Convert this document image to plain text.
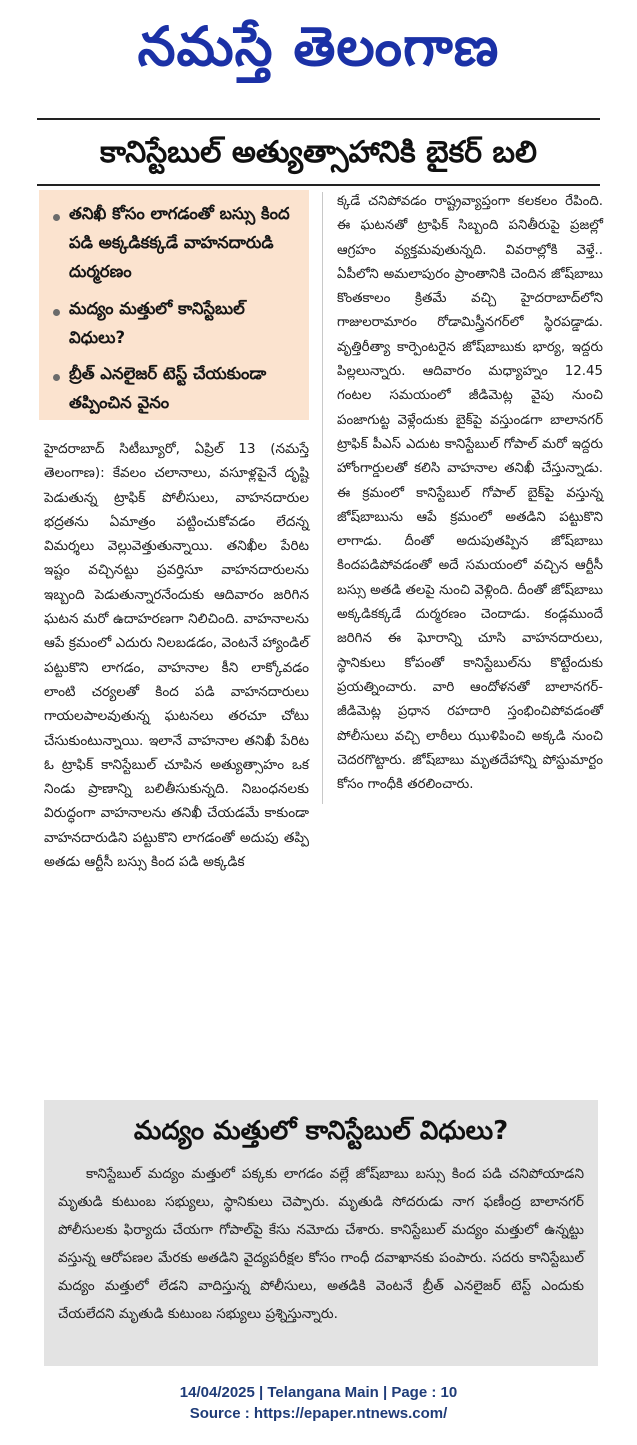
నమస్తే తెలంగాణ
కానిస్టేబుల్ అత్యుత్సాహానికి బైకర్ బలి
తనిఖీ కోసం లాగడంతో బస్సు కింద పడి అక్కడికక్కడే వాహనదారుడి దుర్మరణం
మద్యం మత్తులో కానిస్టేబుల్ విధులు?
బ్రీత్ ఎనలైజర్ టెస్ట్ చేయకుండా తప్పించిన వైనం

హైదరాబాద్ సిటీబ్యూరో, ఏప్రిల్ 13 (నమస్తే తెలంగాణ): కేవలం చలానాలు, వసూళ్లపైనే దృష్టి పెడుతున్న ట్రాఫిక్ పోలీసులు, వాహనదారుల భద్రతను ఏమాత్రం పట్టించుకోవడం లేదన్న విమర్శలు వెల్లువెత్తుతున్నాయి. తనిఖీల పేరిట ఇష్టం వచ్చినట్టు ప్రవర్తిసూ వాహనదారులను ఇబ్బంది పెడుతున్నారనేందుకు ఆదివారం జరిగిన ఘటన మరో ఉదాహరణగా నిలిచింది. వాహనాలను ఆపే క్రమంలో ఎదురు నిలబడడం, వెంటనే హ్యాండిల్ పట్టుకొని లాగడం, వాహనాల కీని లాక్కోవడం లాంటి చర్యలతో కింద పడి వాహనదారులు గాయలపాలవుతున్న ఘటనలు తరచూ చోటు చేసుకుంటున్నాయి. ఇలానే వాహనాల తనిఖీ పేరిట ఓ ట్రాఫిక్ కానిస్టేబుల్ చూపిన అత్యుత్సాహం ఒక నిండు ప్రాణాన్ని బలితీసుకున్నది. నిబంధనలకు విరుద్ధంగా వాహనాలను తనిఖీ చేయడమే కాకుండా వాహనదారుడిని పట్టుకొని లాగడంతో అదుపు తప్పి అతడు ఆర్టీసీ బస్సు కింద పడి అక్కడిక

క్కడే చనిపోవడం రాష్ట్రవ్యాప్తంగా కలకలం రేపింది. ఈ ఘటనతో ట్రాఫిక్ సిబ్బంది పనితీరుపై ప్రజల్లో ఆగ్రహం వ్యక్తమవుతున్నది. వివరాల్లోకి వెళ్తే.. ఏపీలోని అమలాపురం ప్రాంతానికి చెందిన జోష్‌బాబు కొంతకాలం క్రితమే వచ్చి హైదరాబాద్‌లోని గాజులరామారం రోడామిస్త్రీనగర్‌లో స్థిరపడ్డాడు. వృత్తిరీత్యా కార్పెంటరైన జోష్‌బాబుకు భార్య, ఇద్దరు పిల్లలున్నారు. ఆదివారం మధ్యాహ్నం 12.45 గంటల సమయంలో జీడిమెట్ల వైపు నుంచి పంజాగుట్ట వెళ్లేందుకు బైక్‌పై వస్తుండగా బాలానగర్ ట్రాఫిక్ పీఎస్ ఎదుట కానిస్టేబుల్ గోపాల్ మరో ఇద్దరు హోంగార్డులతో కలిసి వాహనాల తనిఖీ చేస్తున్నాడు. ఈ క్రమంలో కానిస్టేబుల్ గోపాల్ బైక్‌పై వస్తున్న జోష్‌బాబును ఆపే క్రమంలో అతడిని పట్టుకొని లాగాడు. దీంతో అదుపుతప్పిన జోష్‌బాబు కిందపడిపోవడంతో అదే సమయంలో వచ్చిన ఆర్టీసీ బస్సు అతడి తలపై నుంచి వెళ్లింది. దీంతో జోష్‌బాబు అక్కడికక్కడే దుర్మరణం చెందాడు. కండ్లముందే జరిగిన ఈ ఘోరాన్ని చూసి వాహనదారులు, స్థానికులు కోపంతో కానిస్టేబుల్‌ను కొట్టేందుకు ప్రయత్నించారు. వారి ఆందోళనతో బాలానగర్-జీడిమెట్ల ప్రధాన రహదారి స్తంభించిపోవడంతో పోలీసులు వచ్చి లాఠీలు ఝుళిపించి అక్కడి నుంచి చెదరగొట్టారు. జోష్‌బాబు మృతదేహాన్ని పోస్టుమార్టం కోసం గాంధీకి తరలించారు.

మద్యం మత్తులో కానిస్టేబుల్ విధులు?
కానిస్టేబుల్ మద్యం మత్తులో పక్కకు లాగడం వల్లే జోష్‌బాబు బస్సు కింద పడి చనిపోయాడని మృతుడి కుటుంబ సభ్యులు, స్థానికులు చెప్పారు. మృతుడి సోదరుడు నాగ ఫణీంద్ర బాలానగర్ పోలీసులకు ఫిర్యాదు చేయగా గోపాల్‌పై కేసు నమోదు చేశారు. కానిస్టేబుల్ మద్యం మత్తులో ఉన్నట్టు వస్తున్న ఆరోపణల మేరకు అతడిని వైద్యపరీక్షల కోసం గాంధీ దవాఖానకు పంపారు. సదరు కానిస్టేబుల్ మద్యం మత్తులో లేడని వాదిస్తున్న పోలీసులు, అతడికి వెంటనే బ్రీత్ ఎనలైజర్ టెస్ట్ ఎందుకు చేయలేదని మృతుడి కుటుంబ సభ్యులు ప్రశ్నిస్తున్నారు.
14/04/2025 | Telangana Main | Page : 10
Source : https://epaper.ntnews.com/
